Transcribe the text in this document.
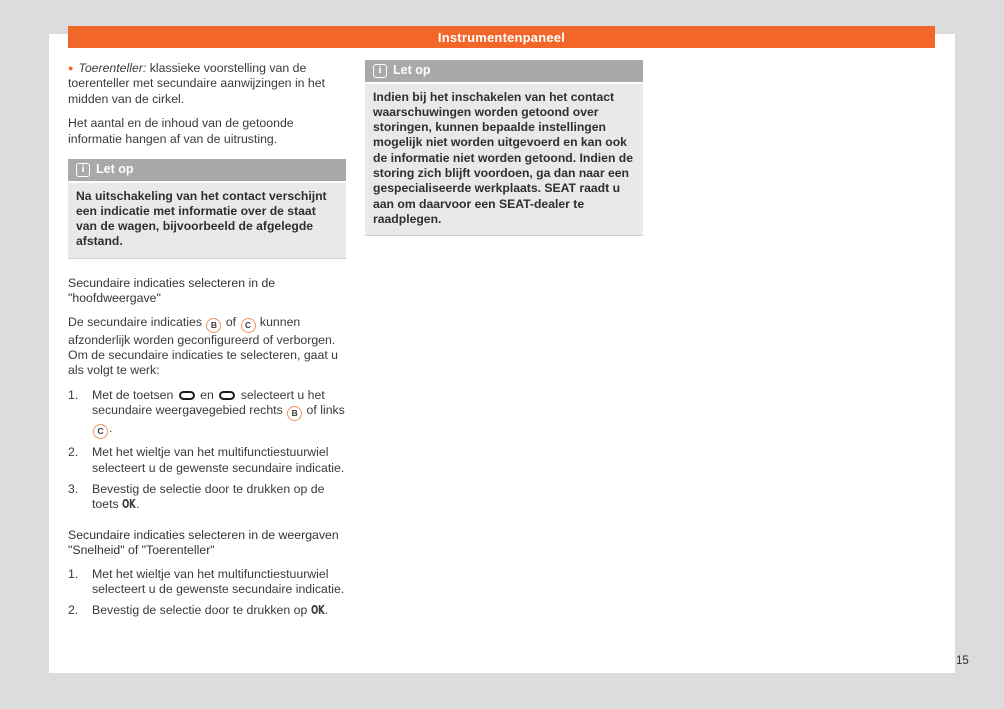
Instrumentenpaneel

● Toerenteller: klassieke voorstelling van de toerenteller met secundaire aanwijzingen in het midden van de cirkel.

Het aantal en de inhoud van de getoonde informatie hangen af van de uitrusting.

i Let op
Na uitschakeling van het contact verschijnt een indicatie met informatie over de staat van de wagen, bijvoorbeeld de afgelegde afstand.
Secundaire indicaties selecteren in de "hoofdweergave"

De secundaire indicaties B of C kunnen afzonderlijk worden geconfigureerd of verborgen. Om de secundaire indicaties te selecteren, gaat u als volgt te werk:

1.	Met de toetsen  en  selecteert u het secundaire weergavegebied rechts B of links C .
2.	Met het wieltje van het multifunctiestuurwiel selecteert u de gewenste secundaire indicatie.
3.	Bevestig de selectie door te drukken op de toets OK.
Secundaire indicaties selecteren in de weergaven "Snelheid" of "Toerenteller"
1.	Met het wieltje van het multifunctiestuurwiel selecteert u de gewenste secundaire indicatie.
2.	Bevestig de selectie door te drukken op OK.
i Let op
Indien bij het inschakelen van het contact waarschuwingen worden getoond over storingen, kunnen bepaalde instellingen mogelijk niet worden uitgevoerd en kan ook de informatie niet worden getoond. Indien de storing zich blijft voordoen, ga dan naar een gespecialiseerde werkplaats. SEAT raadt u aan om daarvoor een SEAT-dealer te raadplegen.
15
